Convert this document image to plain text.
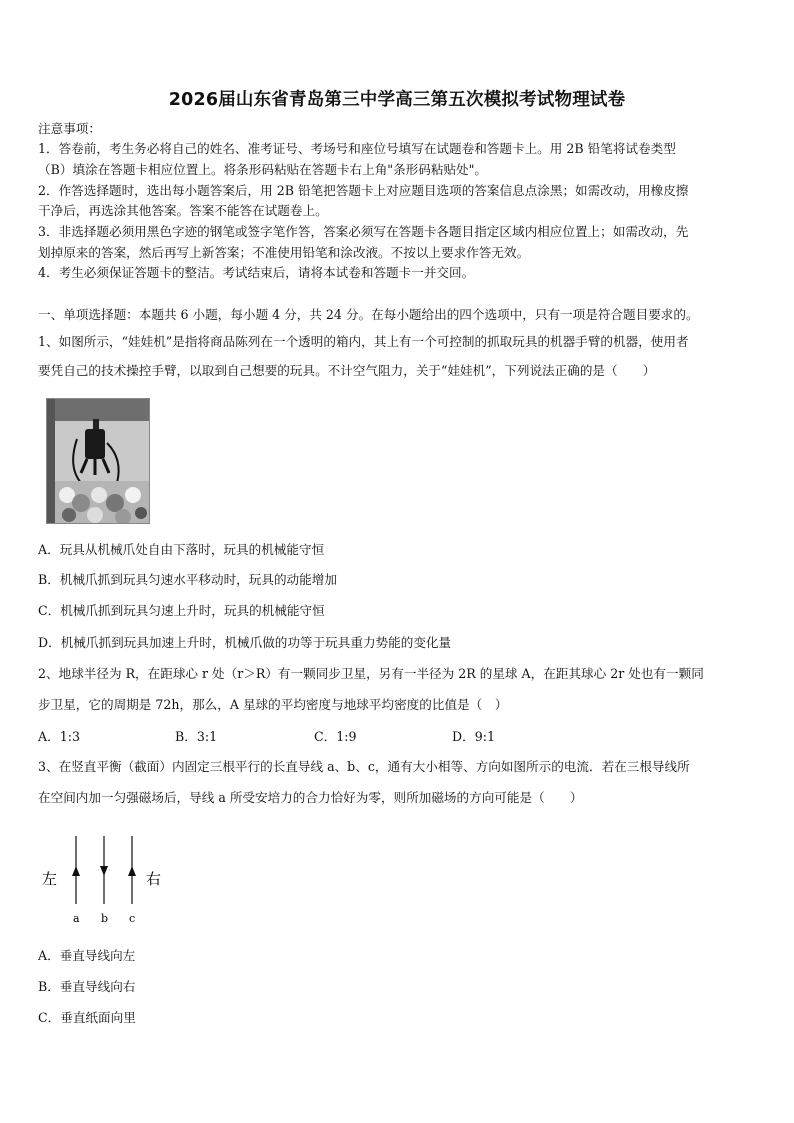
2026届山东省青岛第三中学高三第五次模拟考试物理试卷
注意事项：
1．答卷前，考生务必将自己的姓名、准考证号、考场号和座位号填写在试题卷和答题卡上。用 2B 铅笔将试卷类型
（B）填涂在答题卡相应位置上。将条形码粘贴在答题卡右上角"条形码粘贴处"。
2．作答选择题时，选出每小题答案后，用 2B 铅笔把答题卡上对应题目选项的答案信息点涂黑；如需改动，用橡皮擦
干净后，再选涂其他答案。答案不能答在试题卷上。
3．非选择题必须用黑色字迹的钢笔或签字笔作答，答案必须写在答题卡各题目指定区域内相应位置上；如需改动，先
划掉原来的答案，然后再写上新答案；不准使用铅笔和涂改液。不按以上要求作答无效。
4．考生必须保证答题卡的整洁。考试结束后，请将本试卷和答题卡一并交回。
一、单项选择题：本题共 6 小题，每小题 4 分，共 24 分。在每小题给出的四个选项中，只有一项是符合题目要求的。
1、如图所示，“娃娃机”是指将商品陈列在一个透明的箱内，其上有一个可控制的抓取玩具的机器手臂的机器，使用者
要凭自己的技术操控手臂，以取到自己想要的玩具。不计空气阻力，关于“娃娃机”，下列说法正确的是（　　）
A．玩具从机械爪处自由下落时，玩具的机械能守恒
B．机械爪抓到玩具匀速水平移动时，玩具的动能增加
C．机械爪抓到玩具匀速上升时，玩具的机械能守恒
D．机械爪抓到玩具加速上升时，机械爪做的功等于玩具重力势能的变化量
2、地球半径为 R，在距球心 r 处（r＞R）有一颗同步卫星，另有一半径为 2R 的星球 A，在距其球心 2r 处也有一颗同
步卫星，它的周期是 72h，那么，A 星球的平均密度与地球平均密度的比值是（　）
A．1:3	B．3:1	C．1:9	D．9:1
3、在竖直平衡（截面）内固定三根平行的长直导线 a、b、c，通有大小相等、方向如图所示的电流．若在三根导线所
在空间内加一匀强磁场后，导线 a 所受安培力的合力恰好为零，则所加磁场的方向可能是（　　）
左	右
a b c
A．垂直导线向左
B．垂直导线向右
C．垂直纸面向里
